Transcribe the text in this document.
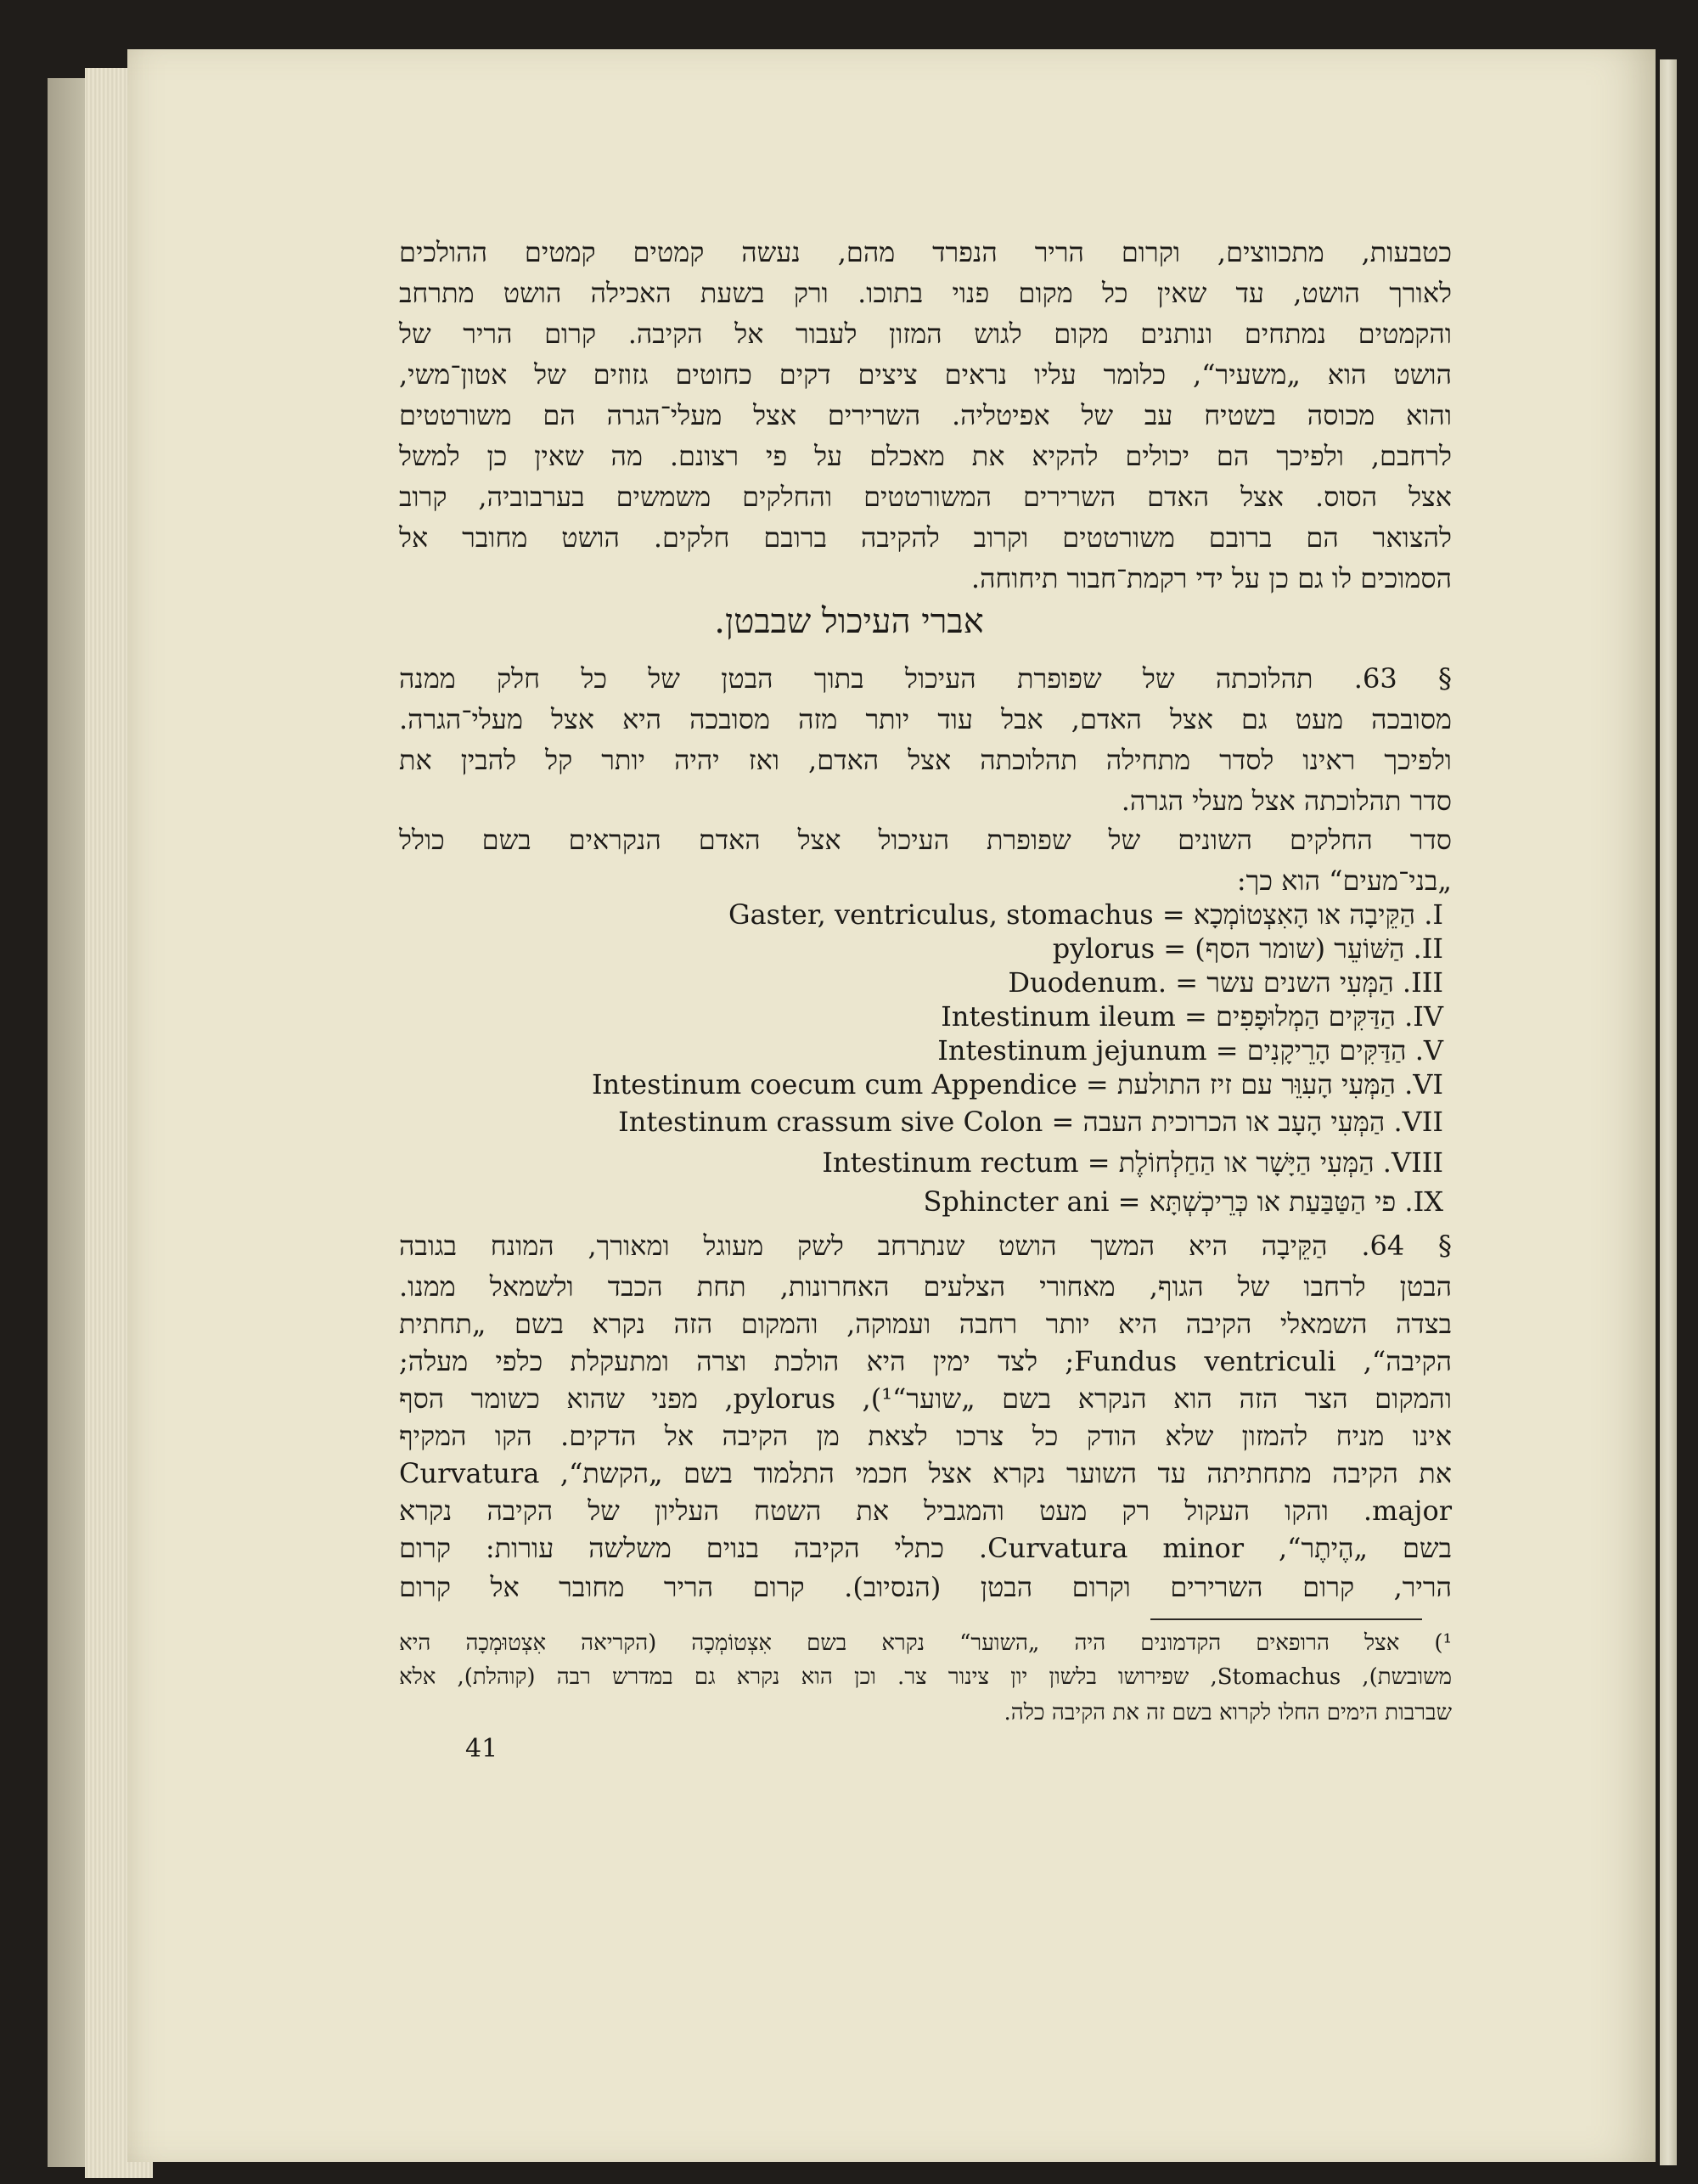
כטבעות, מתכווצים, וקרום הריר הנפרד מהם, נעשה קמטים קמטים ההולכים
לאורך הושט, עד שאין כל מקום פנוי בתוכו. ורק בשעת האכילה הושט מתרחב
והקמטים נמתחים ונותנים מקום לגוש המזון לעבור אל הקיבה. קרום הריר של
הושט הוא „משעיר“, כלומר עליו נראים ציצים דקים כחוטים גזוזים של אטון־משי,
והוא מכוסה בשטיח עב של אפיטליה. השרירים אצל מעלי־הגרה הם משורטטים
לרחבם, ולפיכך הם יכולים להקיא את מאכלם על פי רצונם. מה שאין כן למשל
אצל הסוס. אצל האדם השרירים המשורטטים והחלקים משמשים בערבוביה, קרוב
להצואר הם ברובם משורטטים וקרוב להקיבה ברובם חלקים. הושט מחובר אל
הסמוכים לו גם כן על ידי רקמת־חבור תיחוחה.
אברי העיכול שבבטן.
§ 63. תהלוכתה של שפופרת העיכול בתוך הבטן של כל חלק ממנה
מסובכה מעט גם אצל האדם, אבל עוד יותר מזה מסובכה היא אצל מעלי־הגרה.
ולפיכך ראינו לסדר מתחילה תהלוכתה אצל האדם, ואז יהיה יותר קל להבין את
סדר תהלוכתה אצל מעלי הגרה.
סדר החלקים השונים של שפופרת העיכול אצל האדם הנקראים בשם כולל
„בני־מעים“ הוא כך:
I. הַקֵּיבָה או הָאִצְטוֹמְכָא = Gaster, ventriculus, stomachus
II. הַשּׁוֹעֵר (שומר הסף) = pylorus
III. הַמְּעִי השנים עשר = Duodenum.
IV. הַדַּקִּים הַמְלוּפָפִים = Intestinum ileum
V. הַדַּקִּים הָרֵיקָנִים = Intestinum jejunum
VI. הַמְּעִי הָעִוֵּר עם זיז התולעת = Intestinum coecum cum Appendice
VII. הַמְּעִי הָעָב או הכרוכית העבה = Intestinum crassum sive Colon
VIII. הַמְּעִי הַיָּשָׁר או הַחַלְחוֹלֶת = Intestinum rectum
IX. פי הַטַּבַּעַת או כְּרֵיכְשְׁתָּא = Sphincter ani
§ 64. הַקֵּיבָה היא המשך הושט שנתרחב לשק מעוגל ומאורך, המונח בגובה
הבטן לרחבו של הגוף, מאחורי הצלעים האחרונות, תחת הכבד ולשמאל ממנו.
בצדה השמאלי הקיבה היא יותר רחבה ועמוקה, והמקום הזה נקרא בשם „תחתית
הקיבה“, Fundus ventriculi; לצד ימין היא הולכת וצרה ומתעקלת כלפי מעלה;
והמקום הצר הזה הוא הנקרא בשם „שוער“¹), pylorus, מפני שהוא כשומר הסף
אינו מניח להמזון שלא הודק כל צרכו לצאת מן הקיבה אל הדקים. הקו המקיף
את הקיבה מתחתיתה עד השוער נקרא אצל חכמי התלמוד בשם „הקשת“, Curvatura
major. והקו העקול רק מעט והמגביל את השטח העליון של הקיבה נקרא
בשם „הֶיתֶר“, Curvatura minor. כתלי הקיבה בנוים משלשה עורות: קרום
הריר, קרום השרירים וקרום הבטן (הנסיוב). קרום הריר מחובר אל קרום
¹) אצל הרופאים הקדמונים היה „השוער“ נקרא בשם אִצְטוֹמְכָה (הקריאה אִצְטוּמְכָה היא
משובשת), Stomachus, שפירושו בלשון יון צינור צר. וכן הוא נקרא גם במדרש רבה (קוהלת), אלא
שברבות הימים החלו לקרוא בשם זה את הקיבה כלה.
41
